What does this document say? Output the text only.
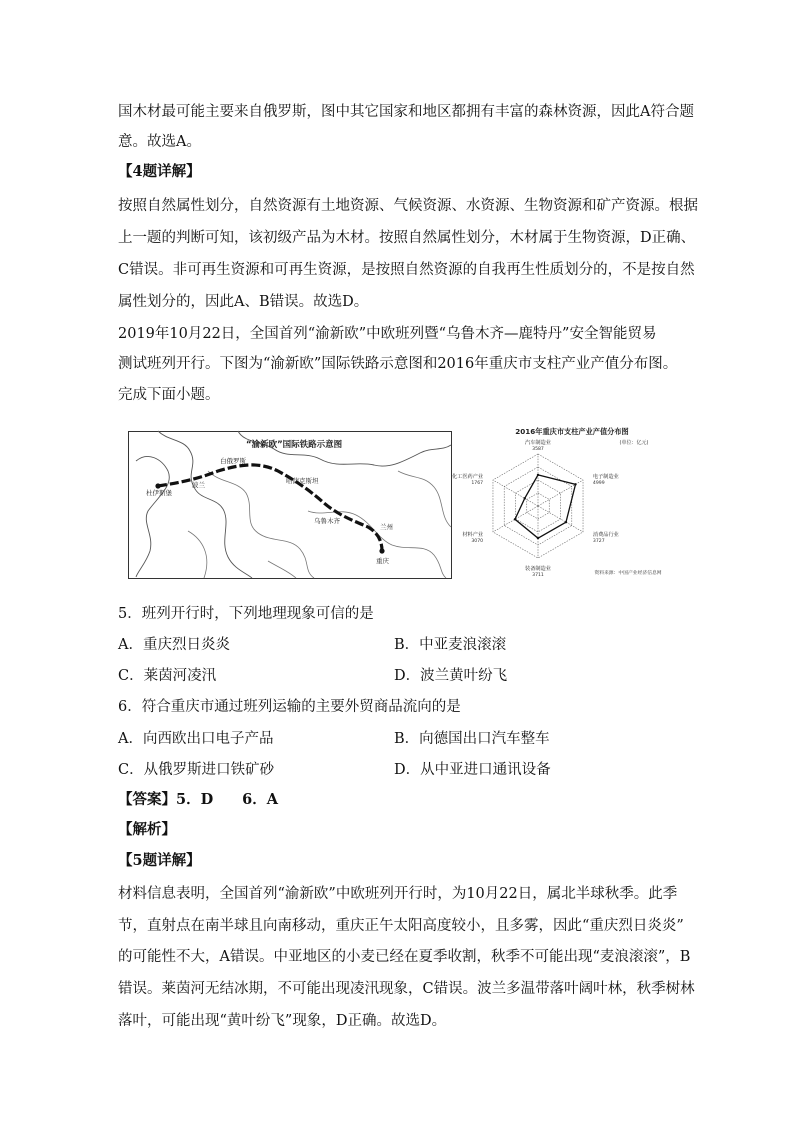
国木材最可能主要来自俄罗斯，图中其它国家和地区都拥有丰富的森林资源，因此A符合题
意。故选A。
【4题详解】
按照自然属性划分，自然资源有土地资源、气候资源、水资源、生物资源和矿产资源。根据
上一题的判断可知，该初级产品为木材。按照自然属性划分，木材属于生物资源，D正确、
C错误。非可再生资源和可再生资源，是按照自然资源的自我再生性质划分的，不是按自然
属性划分的，因此A、B错误。故选D。
2019年10月22日，全国首列“渝新欧”中欧班列暨“乌鲁木齐—鹿特丹”安全智能贸易
测试班列开行。下图为“渝新欧”国际铁路示意图和2016年重庆市支柱产业产值分布图。
完成下面小题。
“渝新欧”国际铁路示意图
杜伊斯堡
波兰
白俄罗斯
哈萨克斯坦
乌鲁木齐
兰州
重庆
2016年重庆市支柱产业产值分布图
(单位：亿元)
资料来源：中国产业经济信息网
汽车制造业
3587
电子制造业
4999
消费品行业
3727
装备制造业
3711
材料产业
3070
化工医药产业
1767
5．班列开行时，下列地理现象可信的是
A．重庆烈日炎炎	B．中亚麦浪滚滚
C．莱茵河凌汛	D．波兰黄叶纷飞
6．符合重庆市通过班列运输的主要外贸商品流向的是
A．向西欧出口电子产品	B．向德国出口汽车整车
C．从俄罗斯进口铁矿砂	D．从中亚进口通讯设备
【答案】5．D　　6．A
【解析】
【5题详解】
材料信息表明，全国首列“渝新欧”中欧班列开行时，为10月22日，属北半球秋季。此季
节，直射点在南半球且向南移动，重庆正午太阳高度较小，且多雾，因此“重庆烈日炎炎”
的可能性不大，A错误。中亚地区的小麦已经在夏季收割，秋季不可能出现“麦浪滚滚”，B
错误。莱茵河无结冰期，不可能出现凌汛现象，C错误。波兰多温带落叶阔叶林，秋季树林
落叶，可能出现“黄叶纷飞”现象，D正确。故选D。
